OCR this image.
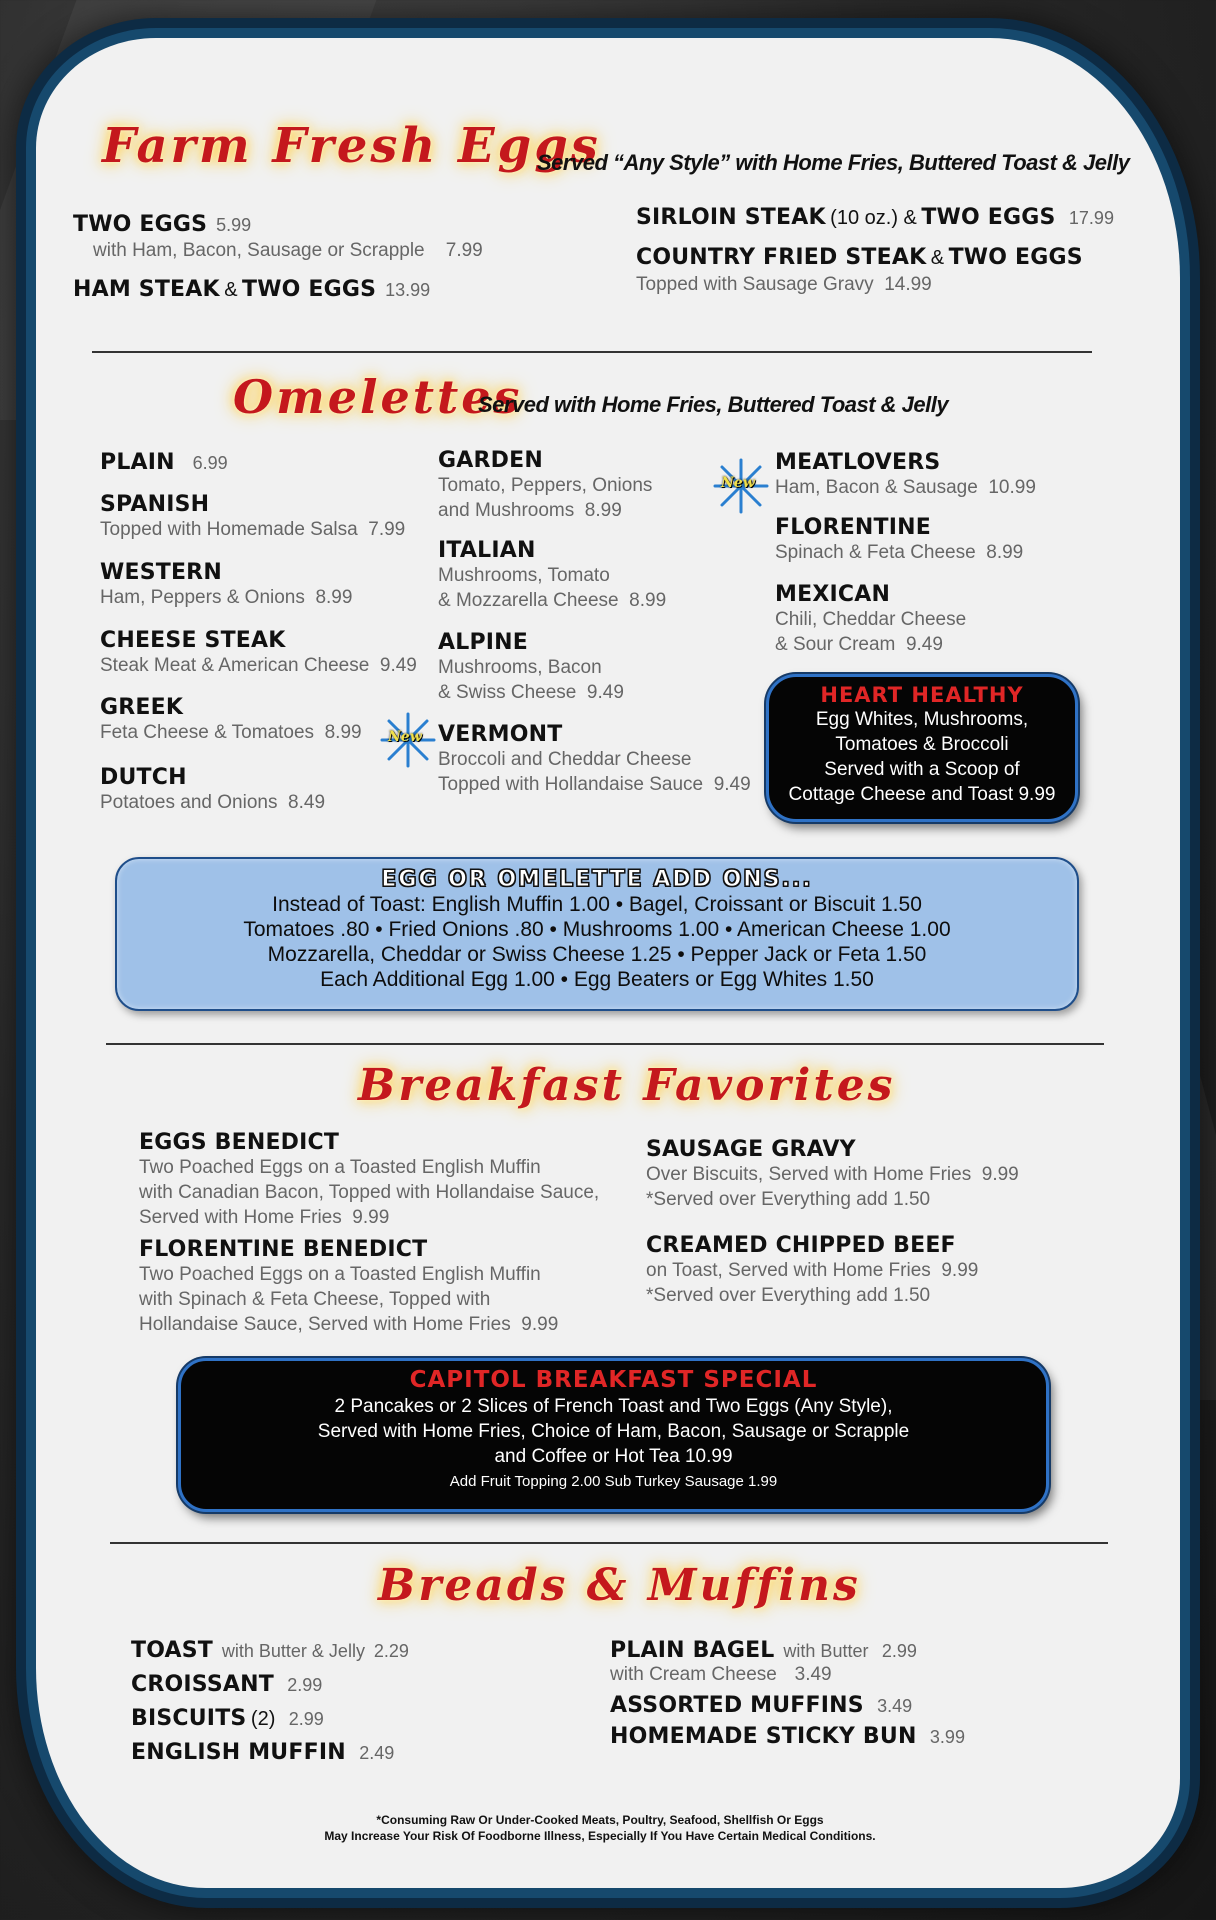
Farm Fresh Eggs
Served “Any Style” with Home Fries, Buttered Toast & Jelly
TWO EGGS 5.99
with Ham, Bacon, Sausage or Scrapple 7.99
HAM STEAK & TWO EGGS 13.99
SIRLOIN STEAK (10 oz.) & TWO EGGS 17.99
COUNTRY FRIED STEAK & TWO EGGS
Topped with Sausage Gravy 14.99
Omelettes
Served with Home Fries, Buttered Toast & Jelly
PLAIN 6.99
SPANISH
Topped with Homemade Salsa 7.99
WESTERN
Ham, Peppers & Onions 8.99
CHEESE STEAK
Steak Meat & American Cheese 9.49
GREEK
Feta Cheese & Tomatoes 8.99
DUTCH
Potatoes and Onions 8.49
GARDEN
Tomato, Peppers, Onions
and Mushrooms 8.99
ITALIAN
Mushrooms, Tomato
& Mozzarella Cheese 8.99
ALPINE
Mushrooms, Bacon
& Swiss Cheese 9.49
New VERMONT
Broccoli and Cheddar Cheese
Topped with Hollandaise Sauce 9.49
New
MEATLOVERS
Ham, Bacon & Sausage 10.99
FLORENTINE
Spinach & Feta Cheese 8.99
MEXICAN
Chili, Cheddar Cheese
& Sour Cream 9.49
HEART HEALTHY
Egg Whites, Mushrooms,
Tomatoes & Broccoli
Served with a Scoop of
Cottage Cheese and Toast 9.99
EGG OR OMELETTE ADD ONS...
Instead of Toast: English Muffin 1.00 • Bagel, Croissant or Biscuit 1.50
Tomatoes .80 • Fried Onions .80 • Mushrooms 1.00 • American Cheese 1.00
Mozzarella, Cheddar or Swiss Cheese 1.25 • Pepper Jack or Feta 1.50
Each Additional Egg 1.00 • Egg Beaters or Egg Whites 1.50
Breakfast Favorites
EGGS BENEDICT
Two Poached Eggs on a Toasted English Muffin
with Canadian Bacon, Topped with Hollandaise Sauce,
Served with Home Fries 9.99
FLORENTINE BENEDICT
Two Poached Eggs on a Toasted English Muffin
with Spinach & Feta Cheese, Topped with
Hollandaise Sauce, Served with Home Fries 9.99
SAUSAGE GRAVY
Over Biscuits, Served with Home Fries 9.99
*Served over Everything add 1.50
CREAMED CHIPPED BEEF
on Toast, Served with Home Fries 9.99
*Served over Everything add 1.50
CAPITOL BREAKFAST SPECIAL
2 Pancakes or 2 Slices of French Toast and Two Eggs (Any Style),
Served with Home Fries, Choice of Ham, Bacon, Sausage or Scrapple
and Coffee or Hot Tea 10.99
Add Fruit Topping 2.00 Sub Turkey Sausage 1.99
Breads & Muffins
TOAST with Butter & Jelly 2.29
CROISSANT 2.99
BISCUITS (2) 2.99
ENGLISH MUFFIN 2.49
PLAIN BAGEL with Butter 2.99
with Cream Cheese 3.49
ASSORTED MUFFINS 3.49
HOMEMADE STICKY BUN 3.99
*Consuming Raw Or Under-Cooked Meats, Poultry, Seafood, Shellfish Or Eggs
May Increase Your Risk Of Foodborne Illness, Especially If You Have Certain Medical Conditions.
